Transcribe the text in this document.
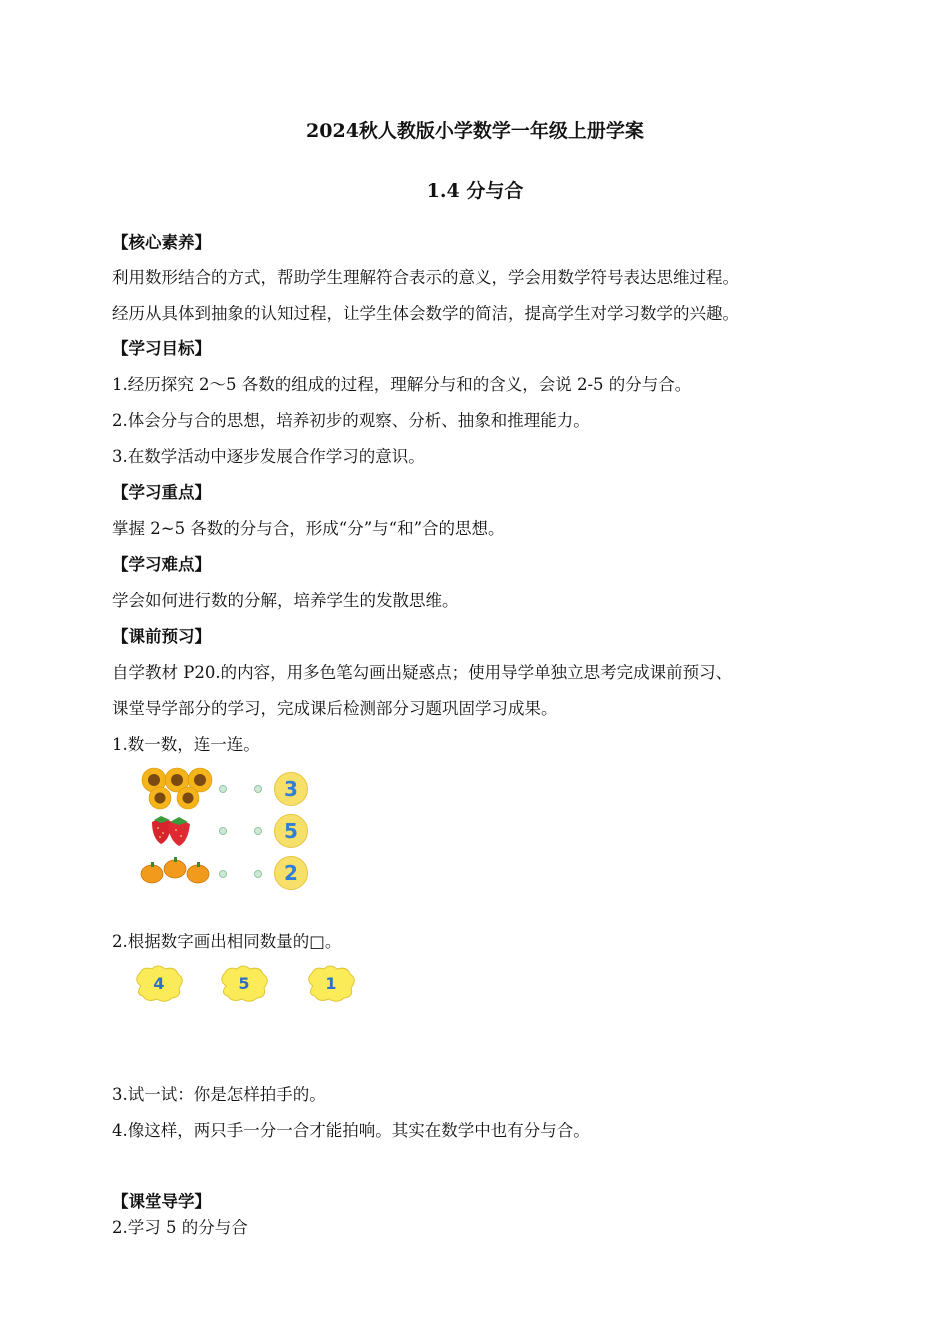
2024秋人教版小学数学一年级上册学案
1.4 分与合
【核心素养】
利用数形结合的方式，帮助学生理解符合表示的意义，学会用数学符号表达思维过程。
经历从具体到抽象的认知过程，让学生体会数学的简洁，提高学生对学习数学的兴趣。
【学习目标】
1.经历探究 2～5 各数的组成的过程，理解分与和的含义，会说 2-5 的分与合。
2.体会分与合的思想，培养初步的观察、分析、抽象和推理能力。
3.在数学活动中逐步发展合作学习的意识。
【学习重点】
掌握 2~5 各数的分与合，形成“分”与“和”合的思想。
【学习难点】
学会如何进行数的分解，培养学生的发散思维。
【课前预习】
自学教材 P20.的内容，用多色笔勾画出疑惑点；使用导学单独立思考完成课前预习、
课堂导学部分的学习，完成课后检测部分习题巩固学习成果。
1.数一数，连一连。
3
5
2
2.根据数字画出相同数量的□。
4	5	1
3.试一试：你是怎样拍手的。
4.像这样，两只手一分一合才能拍响。其实在数学中也有分与合。
【课堂导学】
2.学习 5 的分与合
